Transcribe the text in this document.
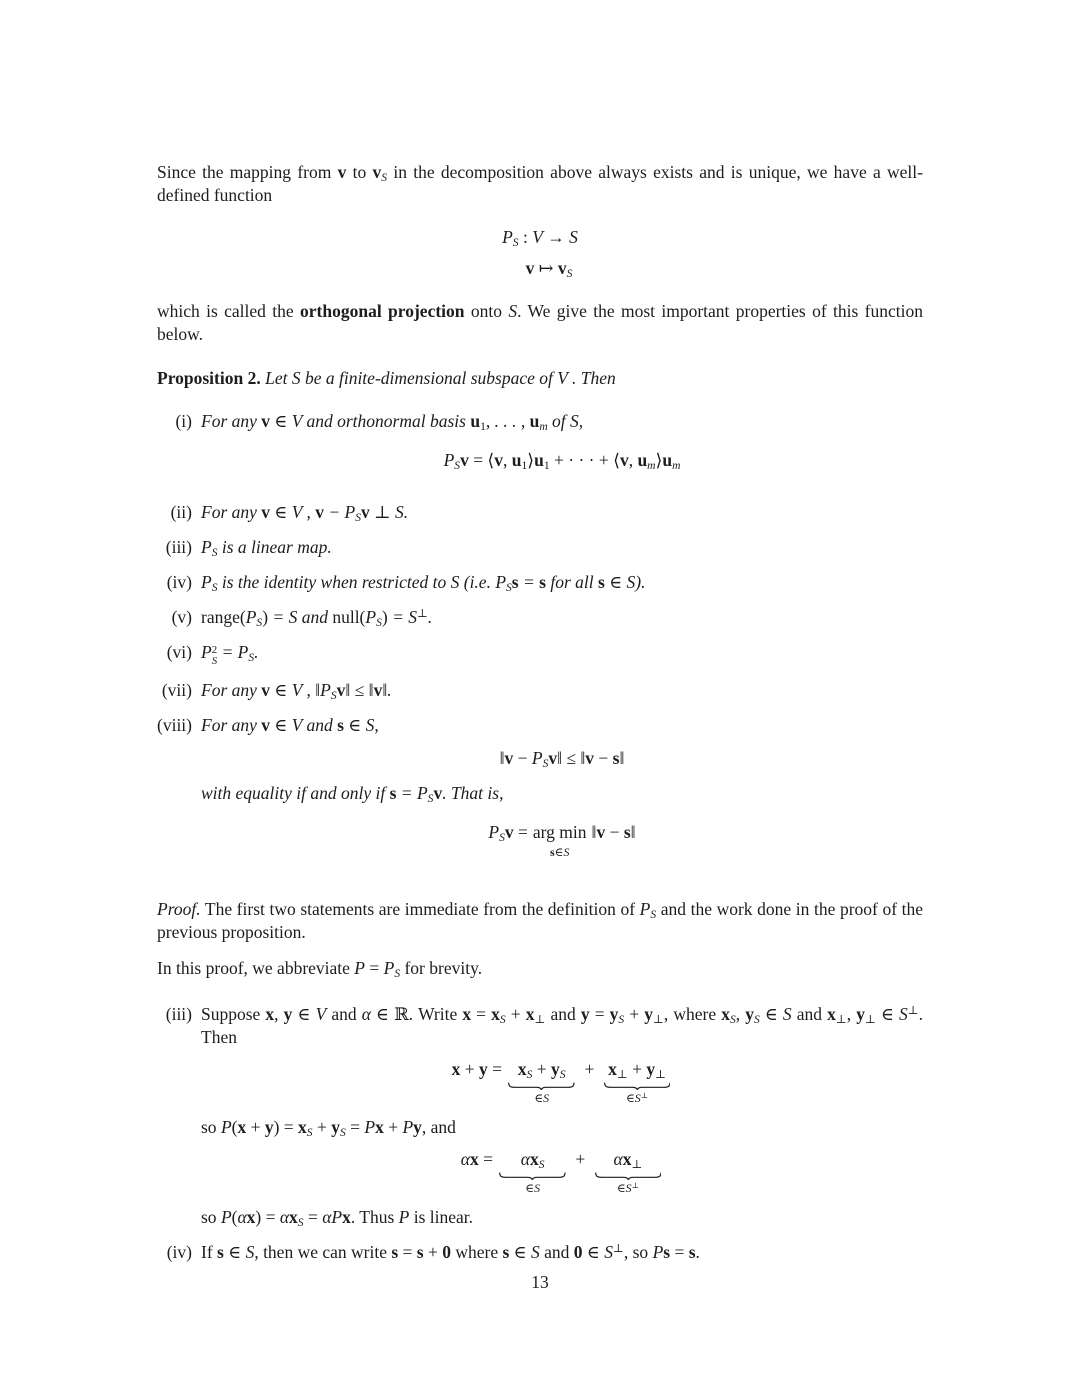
Since the mapping from v to $v_S$ in the decomposition above always exists and is unique, we have a well-defined function

$P_S$ : V → S
v ↦ $v_S$

which is called the orthogonal projection onto S. We give the most important properties of this function below.

Proposition 2. Let S be a finite-dimensional subspace of V . Then

(i) For any v ∈ V and orthonormal basis $u_1$, . . . , $u_m$ of S,
$P_Sv$ = ⟨v, $u_1⟩u_1$ + · · · + ⟨v, $u_m⟩u_m$
(ii) For any v ∈ V , $v - P_Sv$ ⊥ S.
(iii) $P_S$ is a linear map.
(iv) $P_S$ is the identity when restricted to S (i.e. $P_Ss = s$ for all s ∈ S).
(v) $range(P_S) = S$ and $null(P_S) = S^\perp$.
(vi) P2
$S = P_S$.
(vii) For any v ∈ V , $‖P_Sv‖$ ≤ ‖v‖.
(viii) For any v ∈ V and s ∈ S,
‖v − $P_Sv‖$ ≤ ‖v − s‖
with equality if and only if $s = P_Sv$. That is,
$P_Sv$ = arg min
s∈S
‖v − s‖

Proof. The first two statements are immediate from the definition of $P_S$ and the work done in the proof of the previous proposition.

In this proof, we abbreviate $P = P_S$ for brevity.

(iii) Suppose x, y ∈ V and α ∈ ℝ. Write $x = x_S + x_\perp$ and $y = y_S + y_\perp$, where $x_S$, $y_S$ ∈ S and $x_\perp$, $y_\perp$ ∈ S⊥. Then
$x + y = x_S + y_S$
∈S
+ $x_\perp + y_\perp$
∈S⊥
so $P(x + y) = x_S + y_S = Px + Py$, and
$\alpha x = \alpha x_S$
∈S
+ $\alpha x_\perp$
∈S⊥
so $P(\alpha x) = \alpha x_S = \alpha Px$. Thus P is linear.
(iv) If s ∈ S, then we can write s = s + 0 where s ∈ S and 0 ∈ S⊥, so Ps = s.
13
